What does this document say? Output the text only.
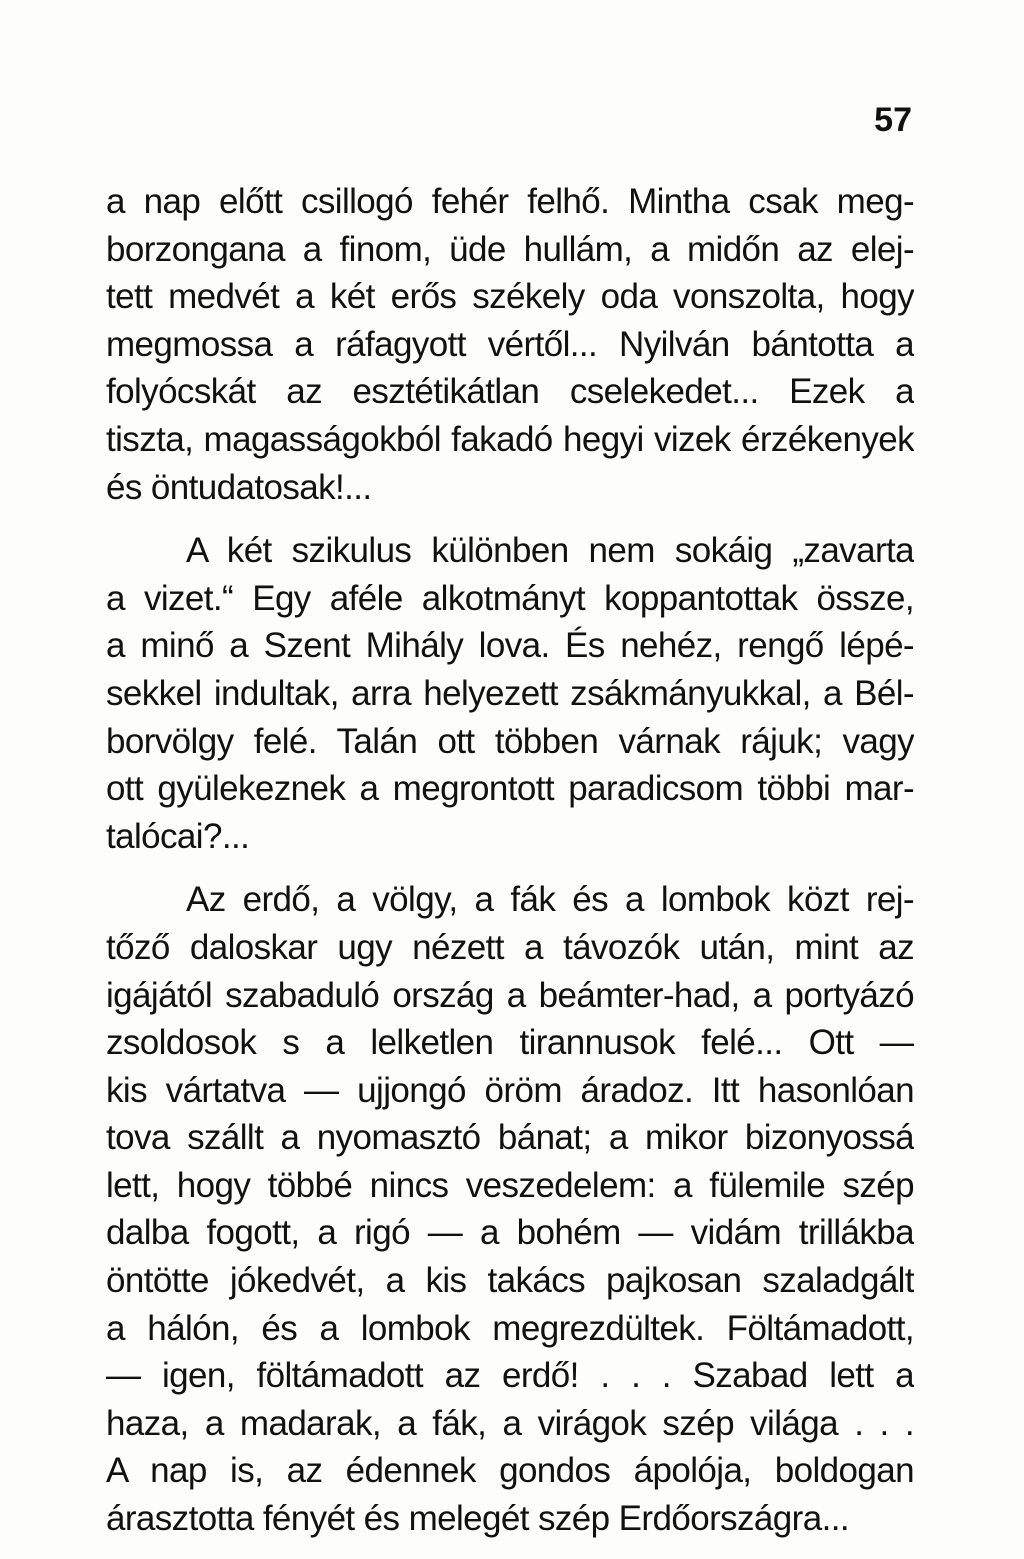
57
a nap előtt csillogó fehér felhő. Mintha csak meg-
borzongana a finom, üde hullám, a midőn az elej-
tett medvét a két erős székely oda vonszolta, hogy
megmossa a ráfagyott vértől... Nyilván bántotta a
folyócskát az esztétikátlan cselekedet... Ezek a
tiszta, magasságokból fakadó hegyi vizek érzékenyek
és öntudatosak!...
A két szikulus különben nem sokáig „zavarta
a vizet.“ Egy aféle alkotmányt koppantottak össze,
a minő a Szent Mihály lova. És nehéz, rengő lépé-
sekkel indultak, arra helyezett zsákmányukkal, a Bél-
borvölgy felé. Talán ott többen várnak rájuk; vagy
ott gyülekeznek a megrontott paradicsom többi mar-
talócai?...
Az erdő, a völgy, a fák és a lombok közt rej-
tőző daloskar ugy nézett a távozók után, mint az
igájától szabaduló ország a beámter-had, a portyázó
zsoldosok s a lelketlen tirannusok felé... Ott —
kis vártatva — ujjongó öröm áradoz. Itt hasonlóan
tova szállt a nyomasztó bánat; a mikor bizonyossá
lett, hogy többé nincs veszedelem: a fülemile szép
dalba fogott, a rigó — a bohém — vidám trillákba
öntötte jókedvét, a kis takács pajkosan szaladgált
a hálón, és a lombok megrezdültek. Föltámadott,
— igen, föltámadott az erdő! . . . Szabad lett a
haza, a madarak, a fák, a virágok szép világa . . .
A nap is, az édennek gondos ápolója, boldogan
árasztotta fényét és melegét szép Erdőországra...
